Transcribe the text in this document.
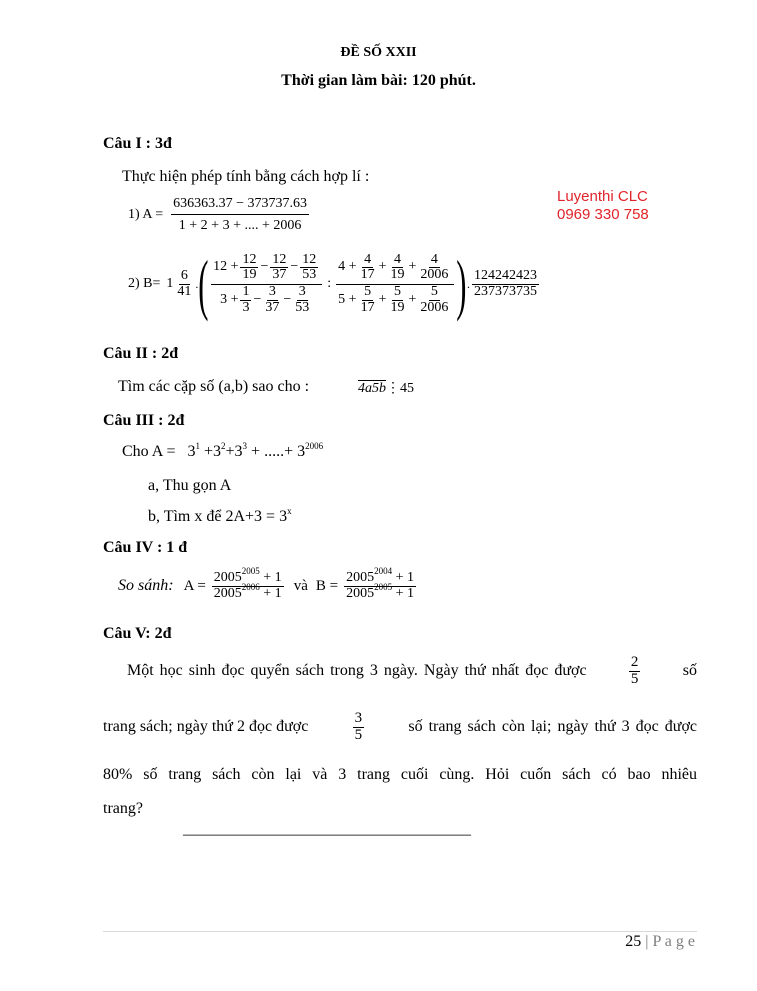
ĐỀ SỐ XXII
Thời gian làm bài: 120 phút.
Luyenthi CLC
0969 330 758
Câu I : 3đ
Thực hiện phép tính bằng cách hợp lí :
1) $A = \frac{636363.37 - 373737.63}{1 + 2 + 3 + .... + 2006}$
2) $B= 1 \frac{6}{41}$ . ( $\frac{12 + \frac{12}{19} - \frac{12}{37} - \frac{12}{53}}{3 + \frac{1}{3} - \frac{3}{37} - \frac{3}{53}}$ : $\frac{4 + \frac{4}{17} + \frac{4}{19} + \frac{4}{2006}}{5 + \frac{5}{17} + \frac{5}{19} + \frac{5}{2006}}$ ) . $\frac{124242423}{237373735}$
Câu II : 2đ
Tìm các cặp số (a,b) sao cho :	4a5b⋮45
Câu III : 2đ
Cho $A = 3^1 +3^2+3^3$ + .....+ $3^{2006}$
a, Thu gọn A
b, Tìm x để $2A+3 = 3^x$
Câu IV : 1 đ
So sánh : $A = \frac{2005^{2005} + 1}{2005^{2006} + 1}$ và $B = \frac{2005^{2004} + 1}{2005^{2005} + 1}$
Câu V: 2đ
Một học sinh đọc quyển sách trong 3 ngày. Ngày thứ nhất đọc được	$\frac{2}{5}$	số
trang sách; ngày thứ 2 đọc được	$\frac{3}{5}$	số trang sách còn lại; ngày thứ 3 đọc được
80% số trang sách còn lại và 3 trang cuối cùng. Hỏi cuốn sách có bao nhiêu
trang?
––––––––––––––––––––––––––––––––––––
25 | P a g e
